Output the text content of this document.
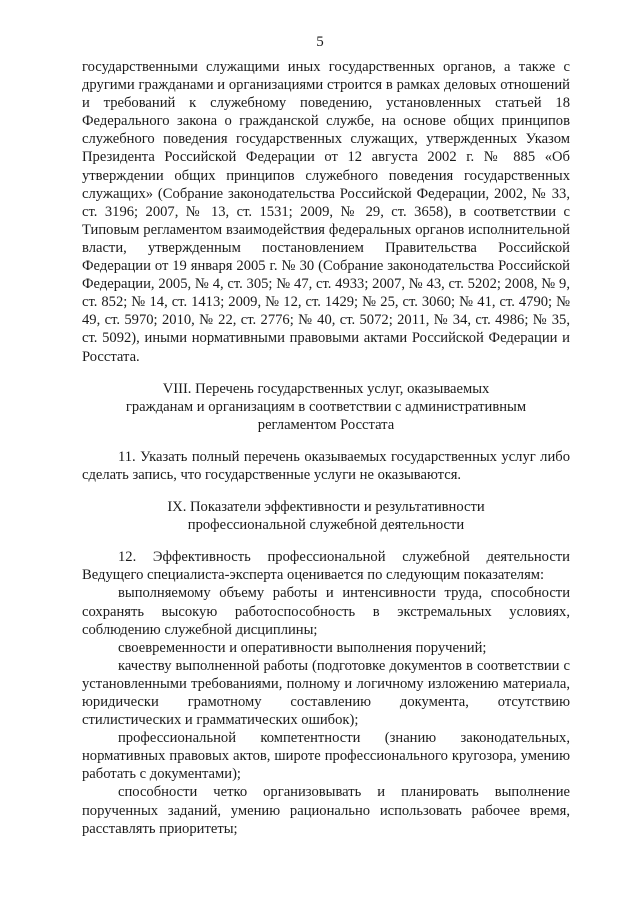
5

государственными служащими иных государственных органов, а также с другими гражданами и организациями строится в рамках деловых отношений и требований к служебному поведению, установленных статьей 18 Федерального закона о гражданской службе, на основе общих принципов служебного поведения государственных служащих, утвержденных Указом Президента Российской Федерации от 12 августа 2002 г. № 885 «Об утверждении общих принципов служебного поведения государственных служащих» (Собрание законодательства Российской Федерации, 2002, № 33, ст. 3196; 2007, № 13, ст. 1531; 2009, № 29, ст. 3658), в соответствии с Типовым регламентом взаимодействия федеральных органов исполнительной власти, утвержденным постановлением Правительства Российской Федерации от 19 января 2005 г. № 30 (Собрание законодательства Российской Федерации, 2005, № 4, ст. 305; № 47, ст. 4933; 2007, № 43, ст. 5202; 2008, № 9, ст. 852; № 14, ст. 1413; 2009, № 12, ст. 1429; № 25, ст. 3060; № 41, ст. 4790; № 49, ст. 5970; 2010, № 22, ст. 2776; № 40, ст. 5072; 2011, № 34, ст. 4986; № 35, ст. 5092), иными нормативными правовыми актами Российской Федерации и Росстата.

VIII. Перечень государственных услуг, оказываемых

гражданам и организациям в соответствии с административным

регламентом Росстата

11. Указать полный перечень оказываемых государственных услуг либо сделать запись, что государственные услуги не оказываются.

IX. Показатели эффективности и результативности

профессиональной служебной деятельности

12. Эффективность профессиональной служебной деятельности Ведущего специалиста-эксперта оценивается по следующим показателям:

выполняемому объему работы и интенсивности труда, способности сохранять высокую работоспособность в экстремальных условиях, соблюдению служебной дисциплины;

своевременности и оперативности выполнения поручений;

качеству выполненной работы (подготовке документов в соответствии с установленными требованиями, полному и логичному изложению материала, юридически грамотному составлению документа, отсутствию стилистических и грамматических ошибок);

профессиональной компетентности (знанию законодательных, нормативных правовых актов, широте профессионального кругозора, умению работать с документами);

способности четко организовывать и планировать выполнение порученных заданий, умению рационально использовать рабочее время, расставлять приоритеты;
